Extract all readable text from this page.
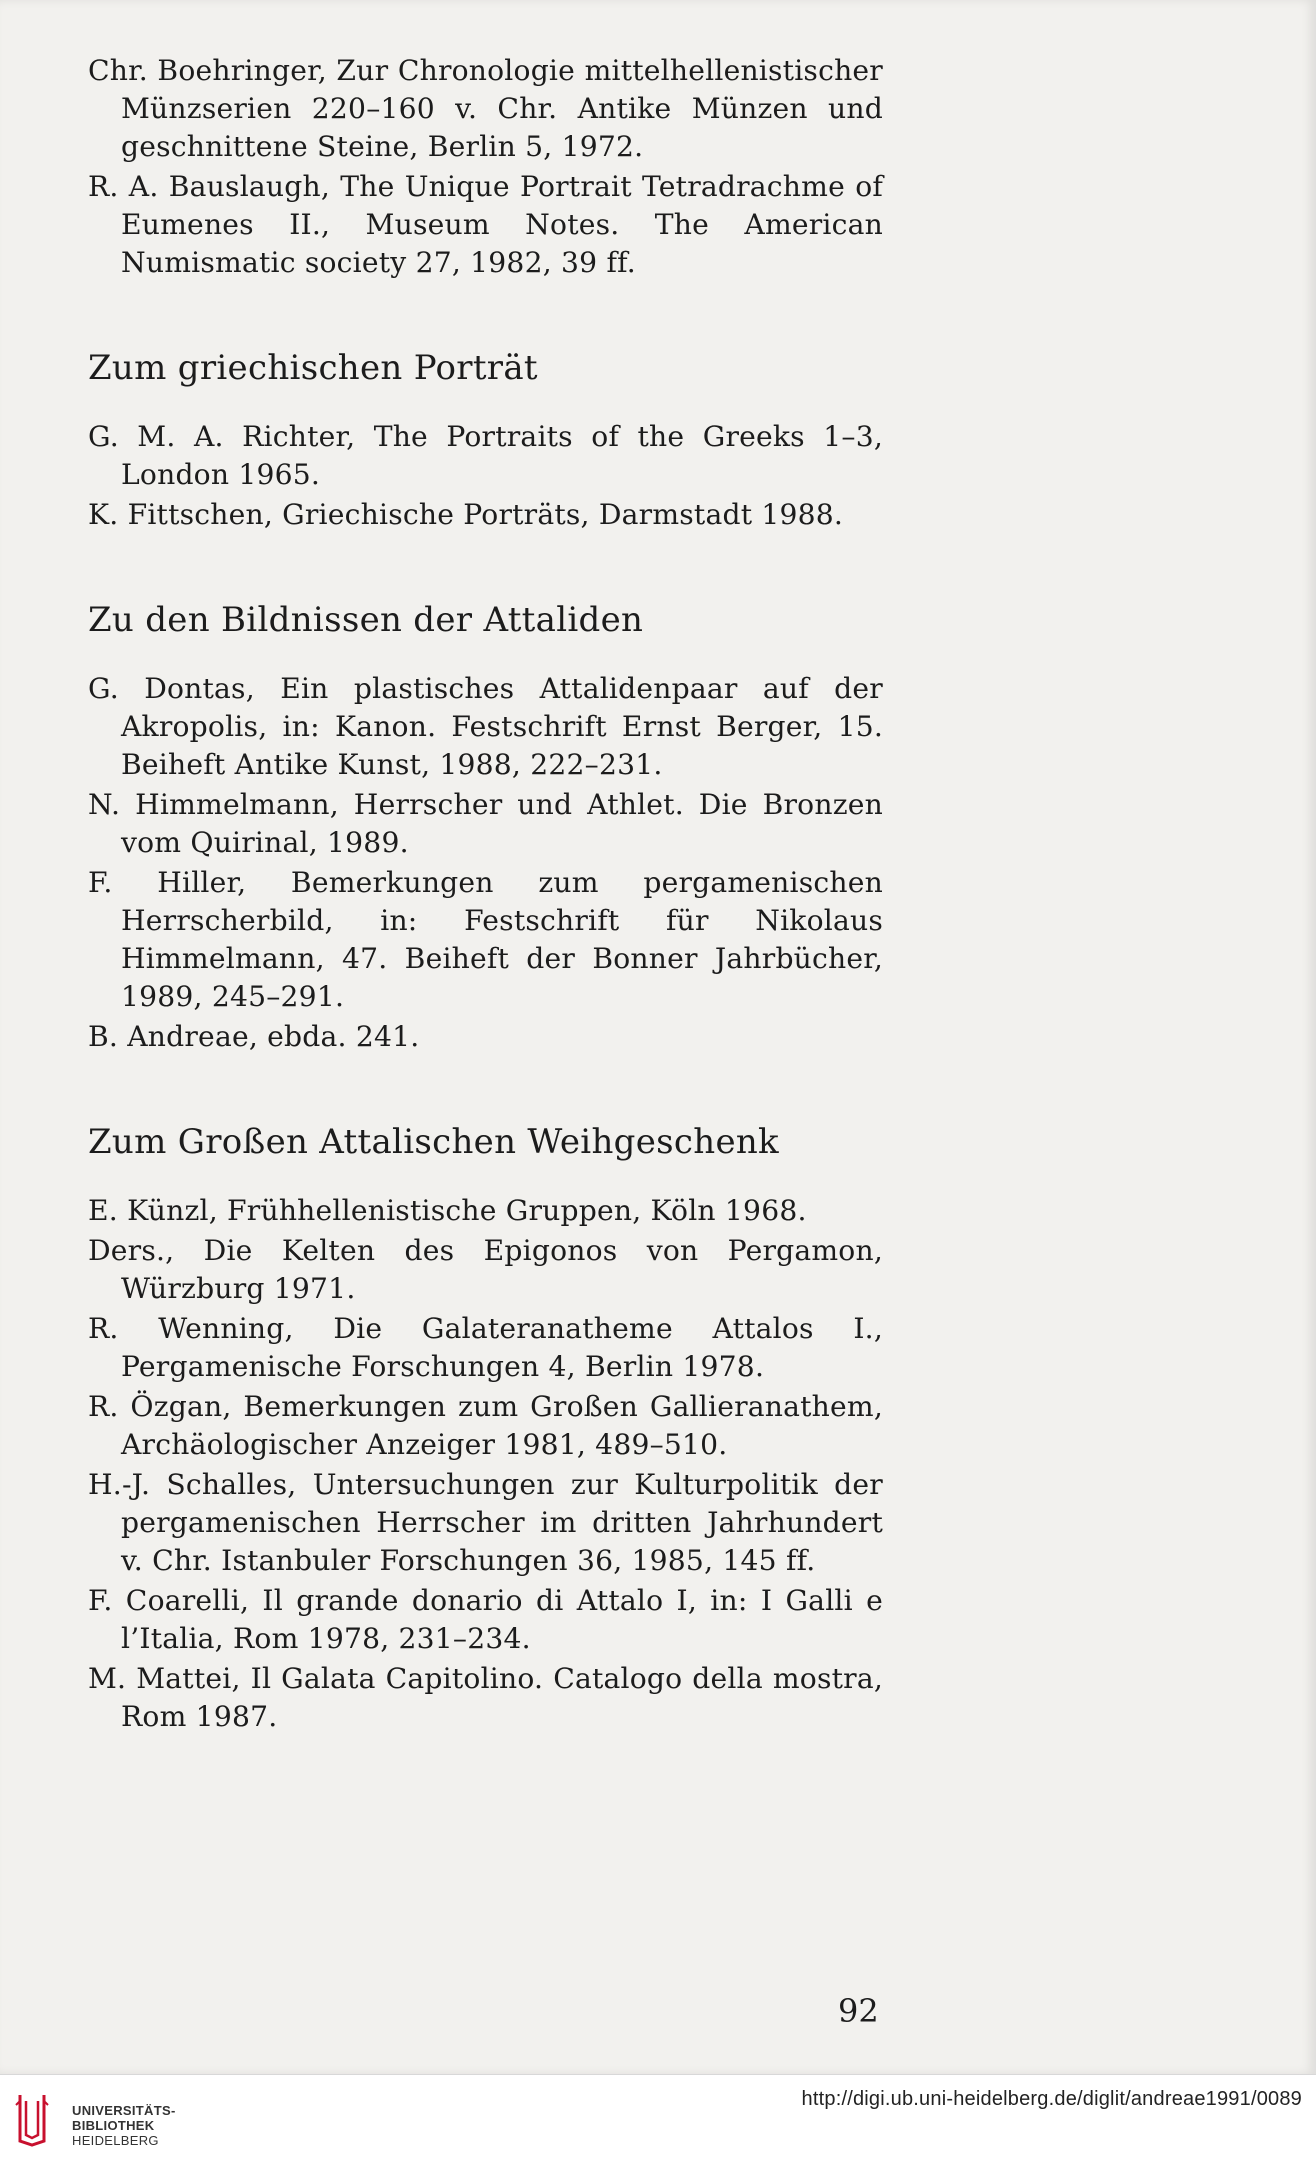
Chr. Boehringer, Zur Chronologie mittelhellenistischer Münzserien 220–160 v. Chr. Antike Münzen und geschnittene Steine, Berlin 5, 1972.

R. A. Bauslaugh, The Unique Portrait Tetradrachme of Eumenes II., Museum Notes. The American Numismatic society 27, 1982, 39 ff.

Zum griechischen Porträt

G. M. A. Richter, The Portraits of the Greeks 1–3, London 1965.

K. Fittschen, Griechische Porträts, Darmstadt 1988.

Zu den Bildnissen der Attaliden

G. Dontas, Ein plastisches Attalidenpaar auf der Akropolis, in: Kanon. Festschrift Ernst Berger, 15. Beiheft Antike Kunst, 1988, 222–231.

N. Himmelmann, Herrscher und Athlet. Die Bronzen vom Quirinal, 1989.

F. Hiller, Bemerkungen zum pergamenischen Herrscherbild, in: Festschrift für Nikolaus Himmelmann, 47. Beiheft der Bonner Jahrbücher, 1989, 245–291.

B. Andreae, ebda. 241.

Zum Großen Attalischen Weihgeschenk

E. Künzl, Frühhellenistische Gruppen, Köln 1968.

Ders., Die Kelten des Epigonos von Pergamon, Würzburg 1971.

R. Wenning, Die Galateranatheme Attalos I., Pergamenische Forschungen 4, Berlin 1978.

R. Özgan, Bemerkungen zum Großen Gallieranathem, Archäologischer Anzeiger 1981, 489–510.

H.-J. Schalles, Untersuchungen zur Kulturpolitik der pergamenischen Herrscher im dritten Jahrhundert v. Chr. Istanbuler Forschungen 36, 1985, 145 ff.

F. Coarelli, Il grande donario di Attalo I, in: I Galli e l’Italia, Rom 1978, 231–234.

M. Mattei, Il Galata Capitolino. Catalogo della mostra, Rom 1987.

92
UNIVERSITÄTS-
BIBLIOTHEK
HEIDELBERG
http://digi.ub.uni-heidelberg.de/diglit/andreae1991/0089
